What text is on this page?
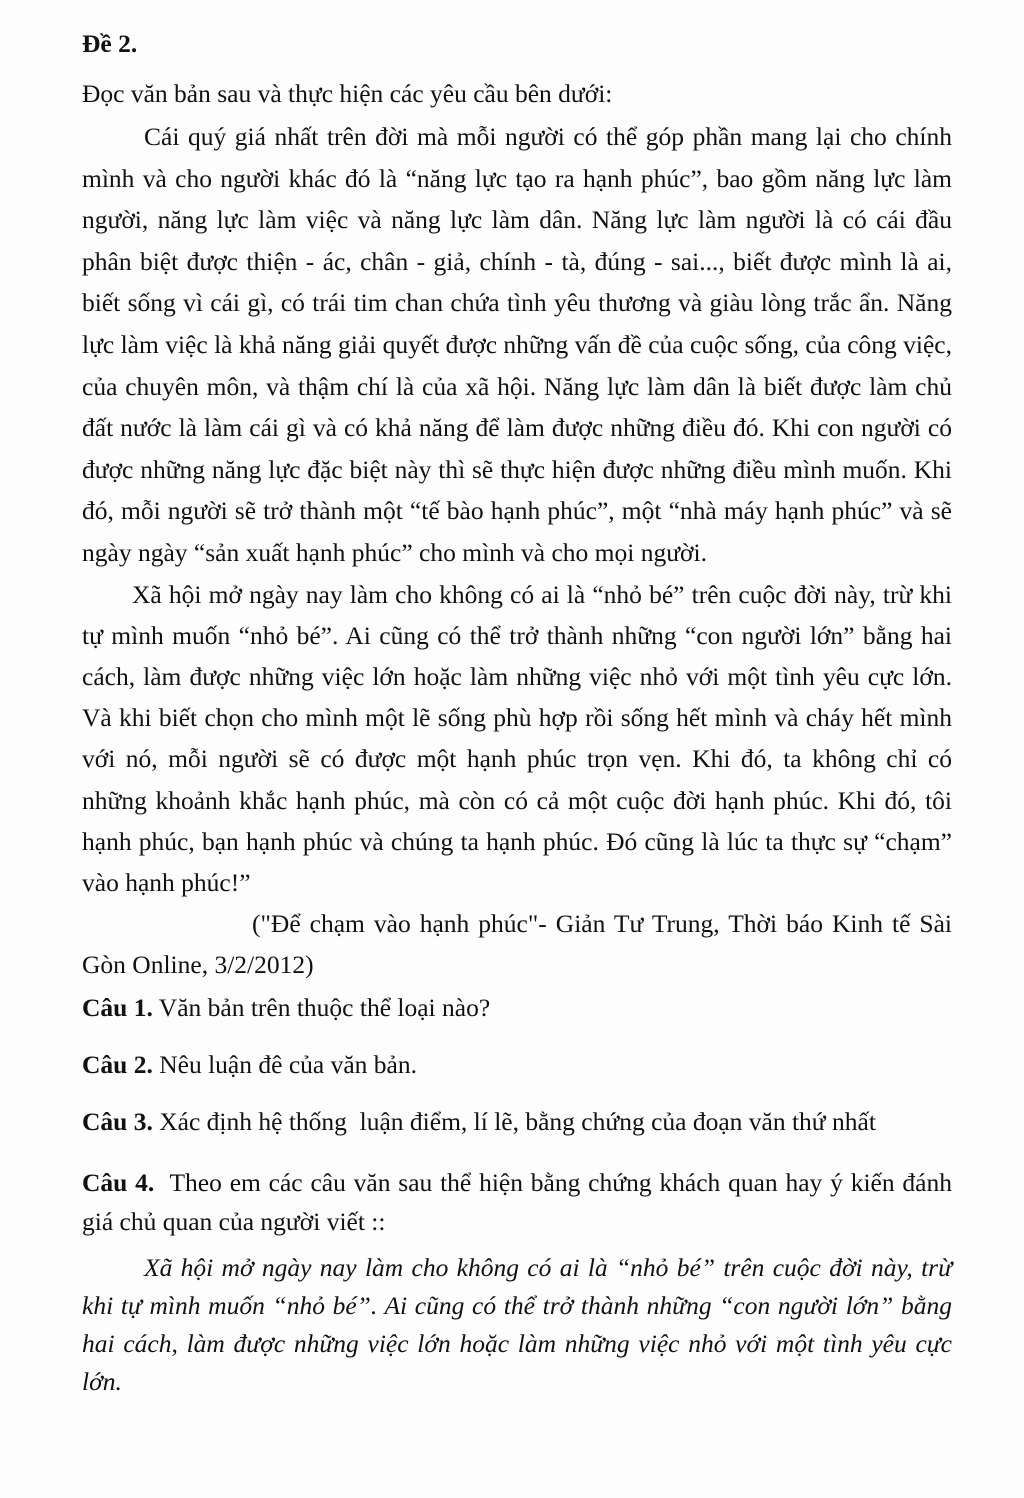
Đề 2.
Đọc văn bản sau và thực hiện các yêu cầu bên dưới:

Cái quý giá nhất trên đời mà mỗi người có thể góp phần mang lại cho chính mình và cho người khác đó là “năng lực tạo ra hạnh phúc”, bao gồm năng lực làm người, năng lực làm việc và năng lực làm dân. Năng lực làm người là có cái đầu phân biệt được thiện - ác, chân - giả, chính - tà, đúng - sai..., biết được mình là ai, biết sống vì cái gì, có trái tim chan chứa tình yêu thương và giàu lòng trắc ẩn. Năng lực làm việc là khả năng giải quyết được những vấn đề của cuộc sống, của công việc, của chuyên môn, và thậm chí là của xã hội. Năng lực làm dân là biết được làm chủ đất nước là làm cái gì và có khả năng để làm được những điều đó. Khi con người có được những năng lực đặc biệt này thì sẽ thực hiện được những điều mình muốn. Khi đó, mỗi người sẽ trở thành một “tế bào hạnh phúc”, một “nhà máy hạnh phúc” và sẽ ngày ngày “sản xuất hạnh phúc” cho mình và cho mọi người.

Xã hội mở ngày nay làm cho không có ai là “nhỏ bé” trên cuộc đời này, trừ khi tự mình muốn “nhỏ bé”. Ai cũng có thể trở thành những “con người lớn” bằng hai cách, làm được những việc lớn hoặc làm những việc nhỏ với một tình yêu cực lớn. Và khi biết chọn cho mình một lẽ sống phù hợp rồi sống hết mình và cháy hết mình với nó, mỗi người sẽ có được một hạnh phúc trọn vẹn. Khi đó, ta không chỉ có những khoảnh khắc hạnh phúc, mà còn có cả một cuộc đời hạnh phúc. Khi đó, tôi hạnh phúc, bạn hạnh phúc và chúng ta hạnh phúc. Đó cũng là lúc ta thực sự “chạm” vào hạnh phúc!”

("Để chạm vào hạnh phúc"- Giản Tư Trung, Thời báo Kinh tế Sài Gòn Online, 3/2/2012)

Câu 1. Văn bản trên thuộc thể loại nào?
Câu 2. Nêu luận đê của văn bản.
Câu 3. Xác định hệ thống  luận điểm, lí lẽ, bằng chứng của đoạn văn thứ nhất
Câu 4.  Theo em các câu văn sau thể hiện bằng chứng khách quan hay ý kiến đánh giá chủ quan của người viết ::

Xã hội mở ngày nay làm cho không có ai là “nhỏ bé” trên cuộc đời này, trừ khi tự mình muốn “nhỏ bé”. Ai cũng có thể trở thành những “con người lớn” bằng hai cách, làm được những việc lớn hoặc làm những việc nhỏ với một tình yêu cực lớn.
